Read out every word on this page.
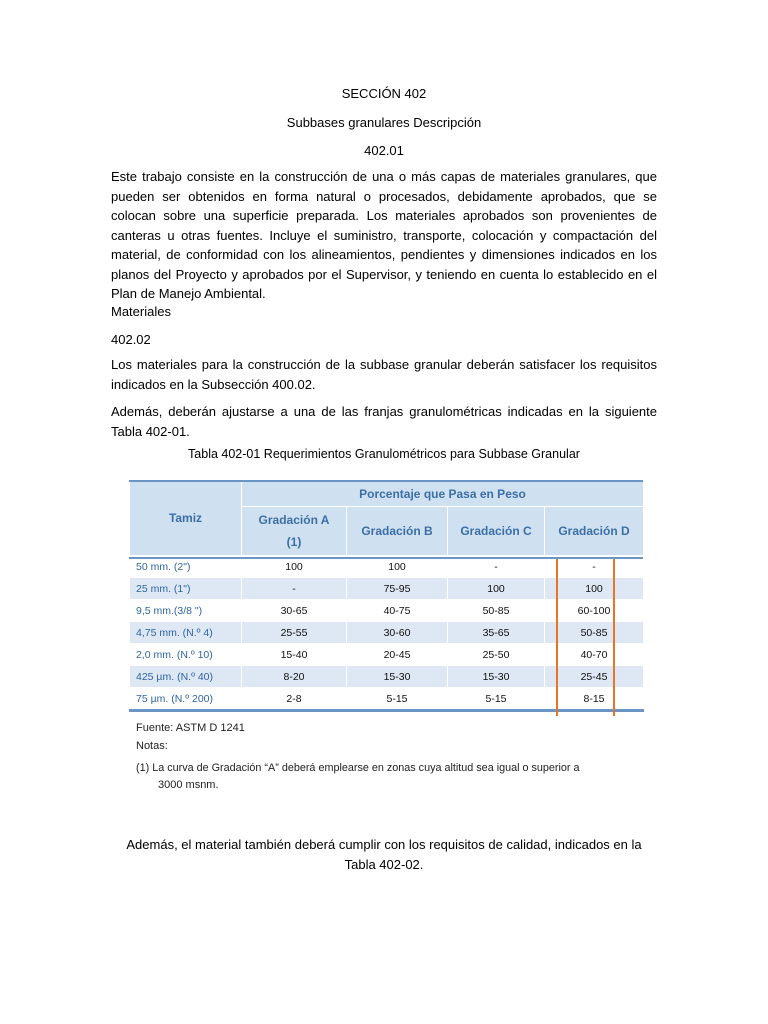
SECCIÓN 402
Subbases granulares Descripción
402.01
Este trabajo consiste en la construcción de una o más capas de materiales granulares, que pueden ser obtenidos en forma natural o procesados, debidamente aprobados, que se colocan sobre una superficie preparada. Los materiales aprobados son provenientes de canteras u otras fuentes. Incluye el suministro, transporte, colocación y compactación del material, de conformidad con los alineamientos, pendientes y dimensiones indicados en los planos del Proyecto y aprobados por el Supervisor, y teniendo en cuenta lo establecido en el Plan de Manejo Ambiental.
Materiales
402.02
Los materiales para la construcción de la subbase granular deberán satisfacer los requisitos indicados en la Subsección 400.02.
Además, deberán ajustarse a una de las franjas granulométricas indicadas en la siguiente Tabla 402-01.
Tabla 402-01 Requerimientos Granulométricos para Subbase Granular
Tamiz	Porcentaje que Pasa en Peso			
	Gradación A (1)	Gradación B	Gradación C	Gradación D
50 mm. (2")	100	100	-	-
25 mm. (1")	-	75-95	100	100
9,5 mm.(3/8 ")	30-65	40-75	50-85	60-100
4,75 mm. (N.º 4)	25-55	30-60	35-65	50-85
2,0 mm. (N.º 10)	15-40	20-45	25-50	40-70
425 µm. (N.º 40)	8-20	15-30	15-30	25-45
75 µm. (N.º 200)	2-8	5-15	5-15	8-15
Fuente: ASTM D 1241
Notas:
(1) La curva de Gradación “A” deberá emplearse en zonas cuya altitud sea igual o superior a
3000 msnm.
Además, el material también deberá cumplir con los requisitos de calidad, indicados en la Tabla 402-02.
